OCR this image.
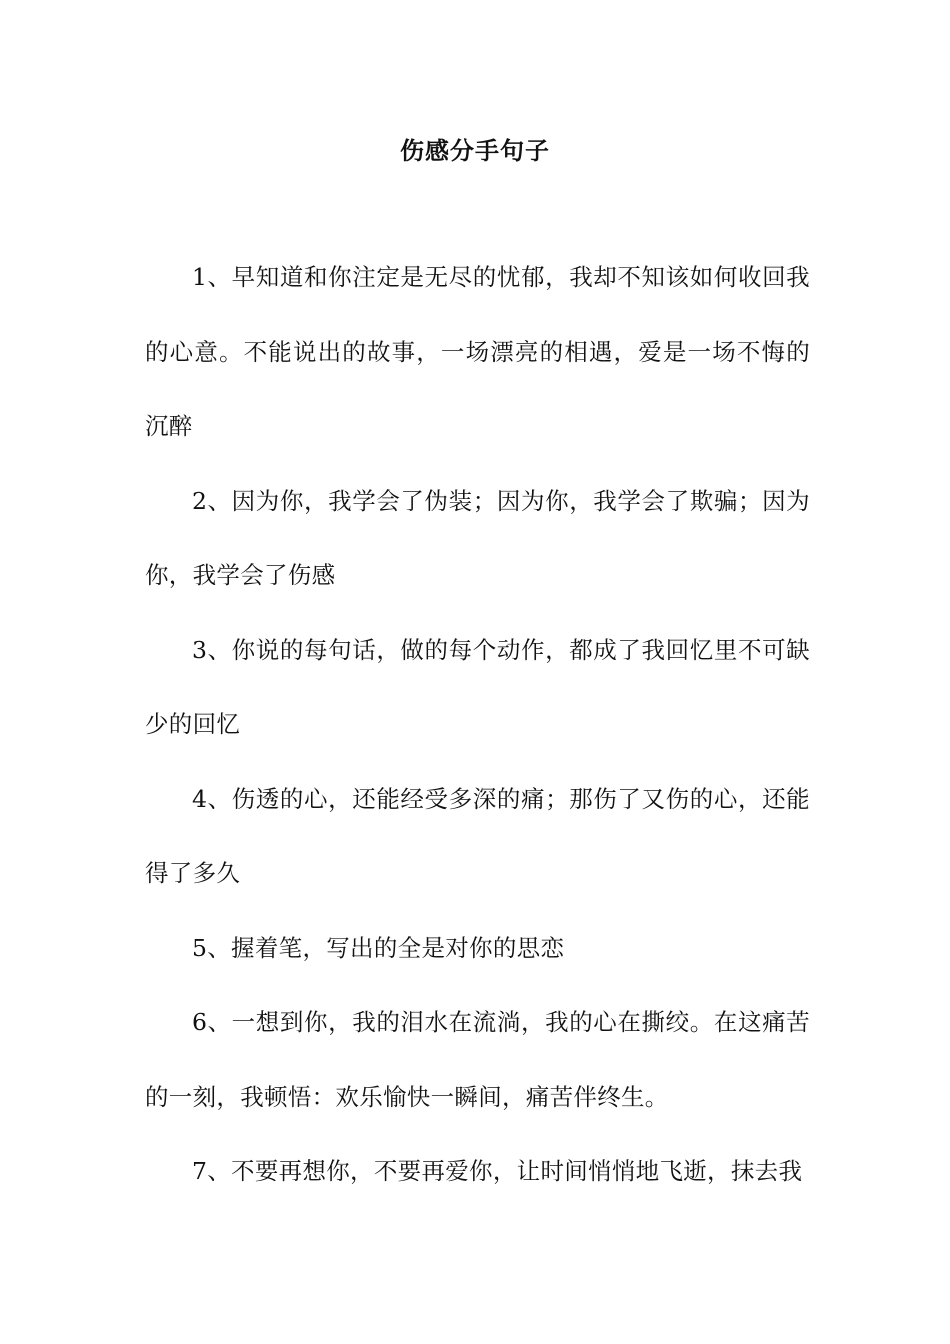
伤感分手句子

1、早知道和你注定是无尽的忧郁，我却不知该如何收回我的心意。不能说出的故事，一场漂亮的相遇，爱是一场不悔的沉醉

2、因为你，我学会了伪装；因为你，我学会了欺骗；因为你，我学会了伤感

3、你说的每句话，做的每个动作，都成了我回忆里不可缺少的回忆

4、伤透的心，还能经受多深的痛；那伤了又伤的心，还能得了多久

5、握着笔，写出的全是对你的思恋

6、一想到你，我的泪水在流淌，我的心在撕绞。在这痛苦的一刻，我顿悟：欢乐愉快一瞬间，痛苦伴终生。

7、不要再想你，不要再爱你，让时间悄悄地飞逝，抹去我
